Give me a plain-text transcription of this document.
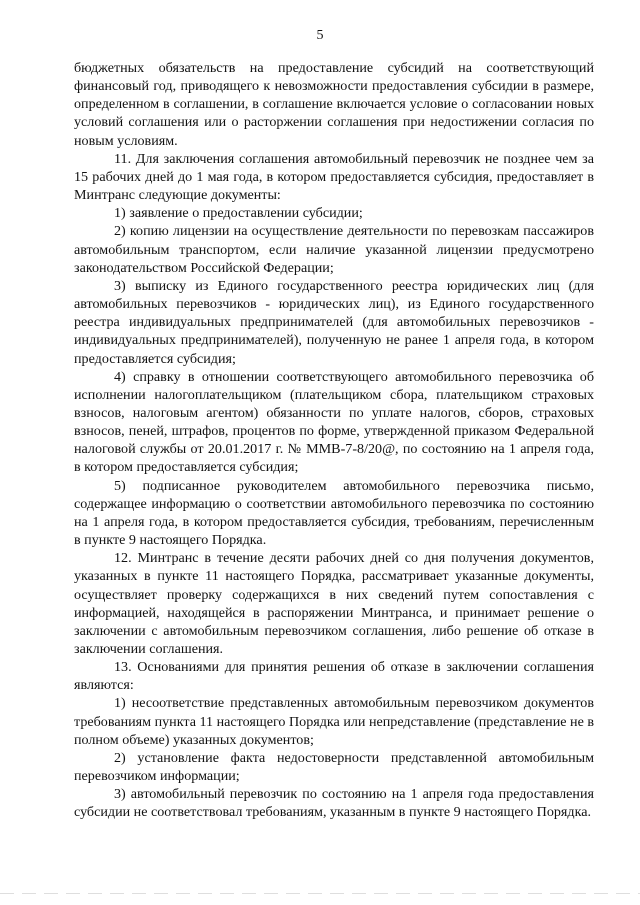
5

бюджетных обязательств на предоставление субсидий на соответствующий финансовый год, приводящего к невозможности предоставления субсидии в размере, определенном в соглашении, в соглашение включается условие о согласовании новых условий соглашения или о расторжении соглашения при недостижении согласия по новым условиям.

11. Для заключения соглашения автомобильный перевозчик не позднее чем за 15 рабочих дней до 1 мая года, в котором предоставляется субсидия, предоставляет в Минтранс следующие документы:

1) заявление о предоставлении субсидии;

2) копию лицензии на осуществление деятельности по перевозкам пассажиров автомобильным транспортом, если наличие указанной лицензии предусмотрено законодательством Российской Федерации;

3) выписку из Единого государственного реестра юридических лиц (для автомобильных перевозчиков - юридических лиц), из Единого государственного реестра индивидуальных предпринимателей (для автомобильных перевозчиков - индивидуальных предпринимателей), полученную не ранее 1 апреля года, в котором предоставляется субсидия;

4) справку в отношении соответствующего автомобильного перевозчика об исполнении налогоплательщиком (плательщиком сбора, плательщиком страховых взносов, налоговым агентом) обязанности по уплате налогов, сборов, страховых взносов, пеней, штрафов, процентов по форме, утвержденной приказом Федеральной налоговой службы от 20.01.2017 г. № ММВ-7-8/20@, по состоянию на 1 апреля года, в котором предоставляется субсидия;

5) подписанное руководителем автомобильного перевозчика письмо, содержащее информацию о соответствии автомобильного перевозчика по состоянию на 1 апреля года, в котором предоставляется субсидия, требованиям, перечисленным в пункте 9 настоящего Порядка.

12. Минтранс в течение десяти рабочих дней со дня получения документов, указанных в пункте 11 настоящего Порядка, рассматривает указанные документы, осуществляет проверку содержащихся в них сведений путем сопоставления с информацией, находящейся в распоряжении Минтранса, и принимает решение о заключении с автомобильным перевозчиком соглашения, либо решение об отказе в заключении соглашения.

13. Основаниями для принятия решения об отказе в заключении соглашения являются:

1) несоответствие представленных автомобильным перевозчиком документов требованиям пункта 11 настоящего Порядка или непредставление (представление не в полном объеме) указанных документов;

2) установление факта недостоверности представленной автомобильным перевозчиком информации;

3) автомобильный перевозчик по состоянию на 1 апреля года предоставления субсидии не соответствовал требованиям, указанным в пункте 9 настоящего Порядка.
